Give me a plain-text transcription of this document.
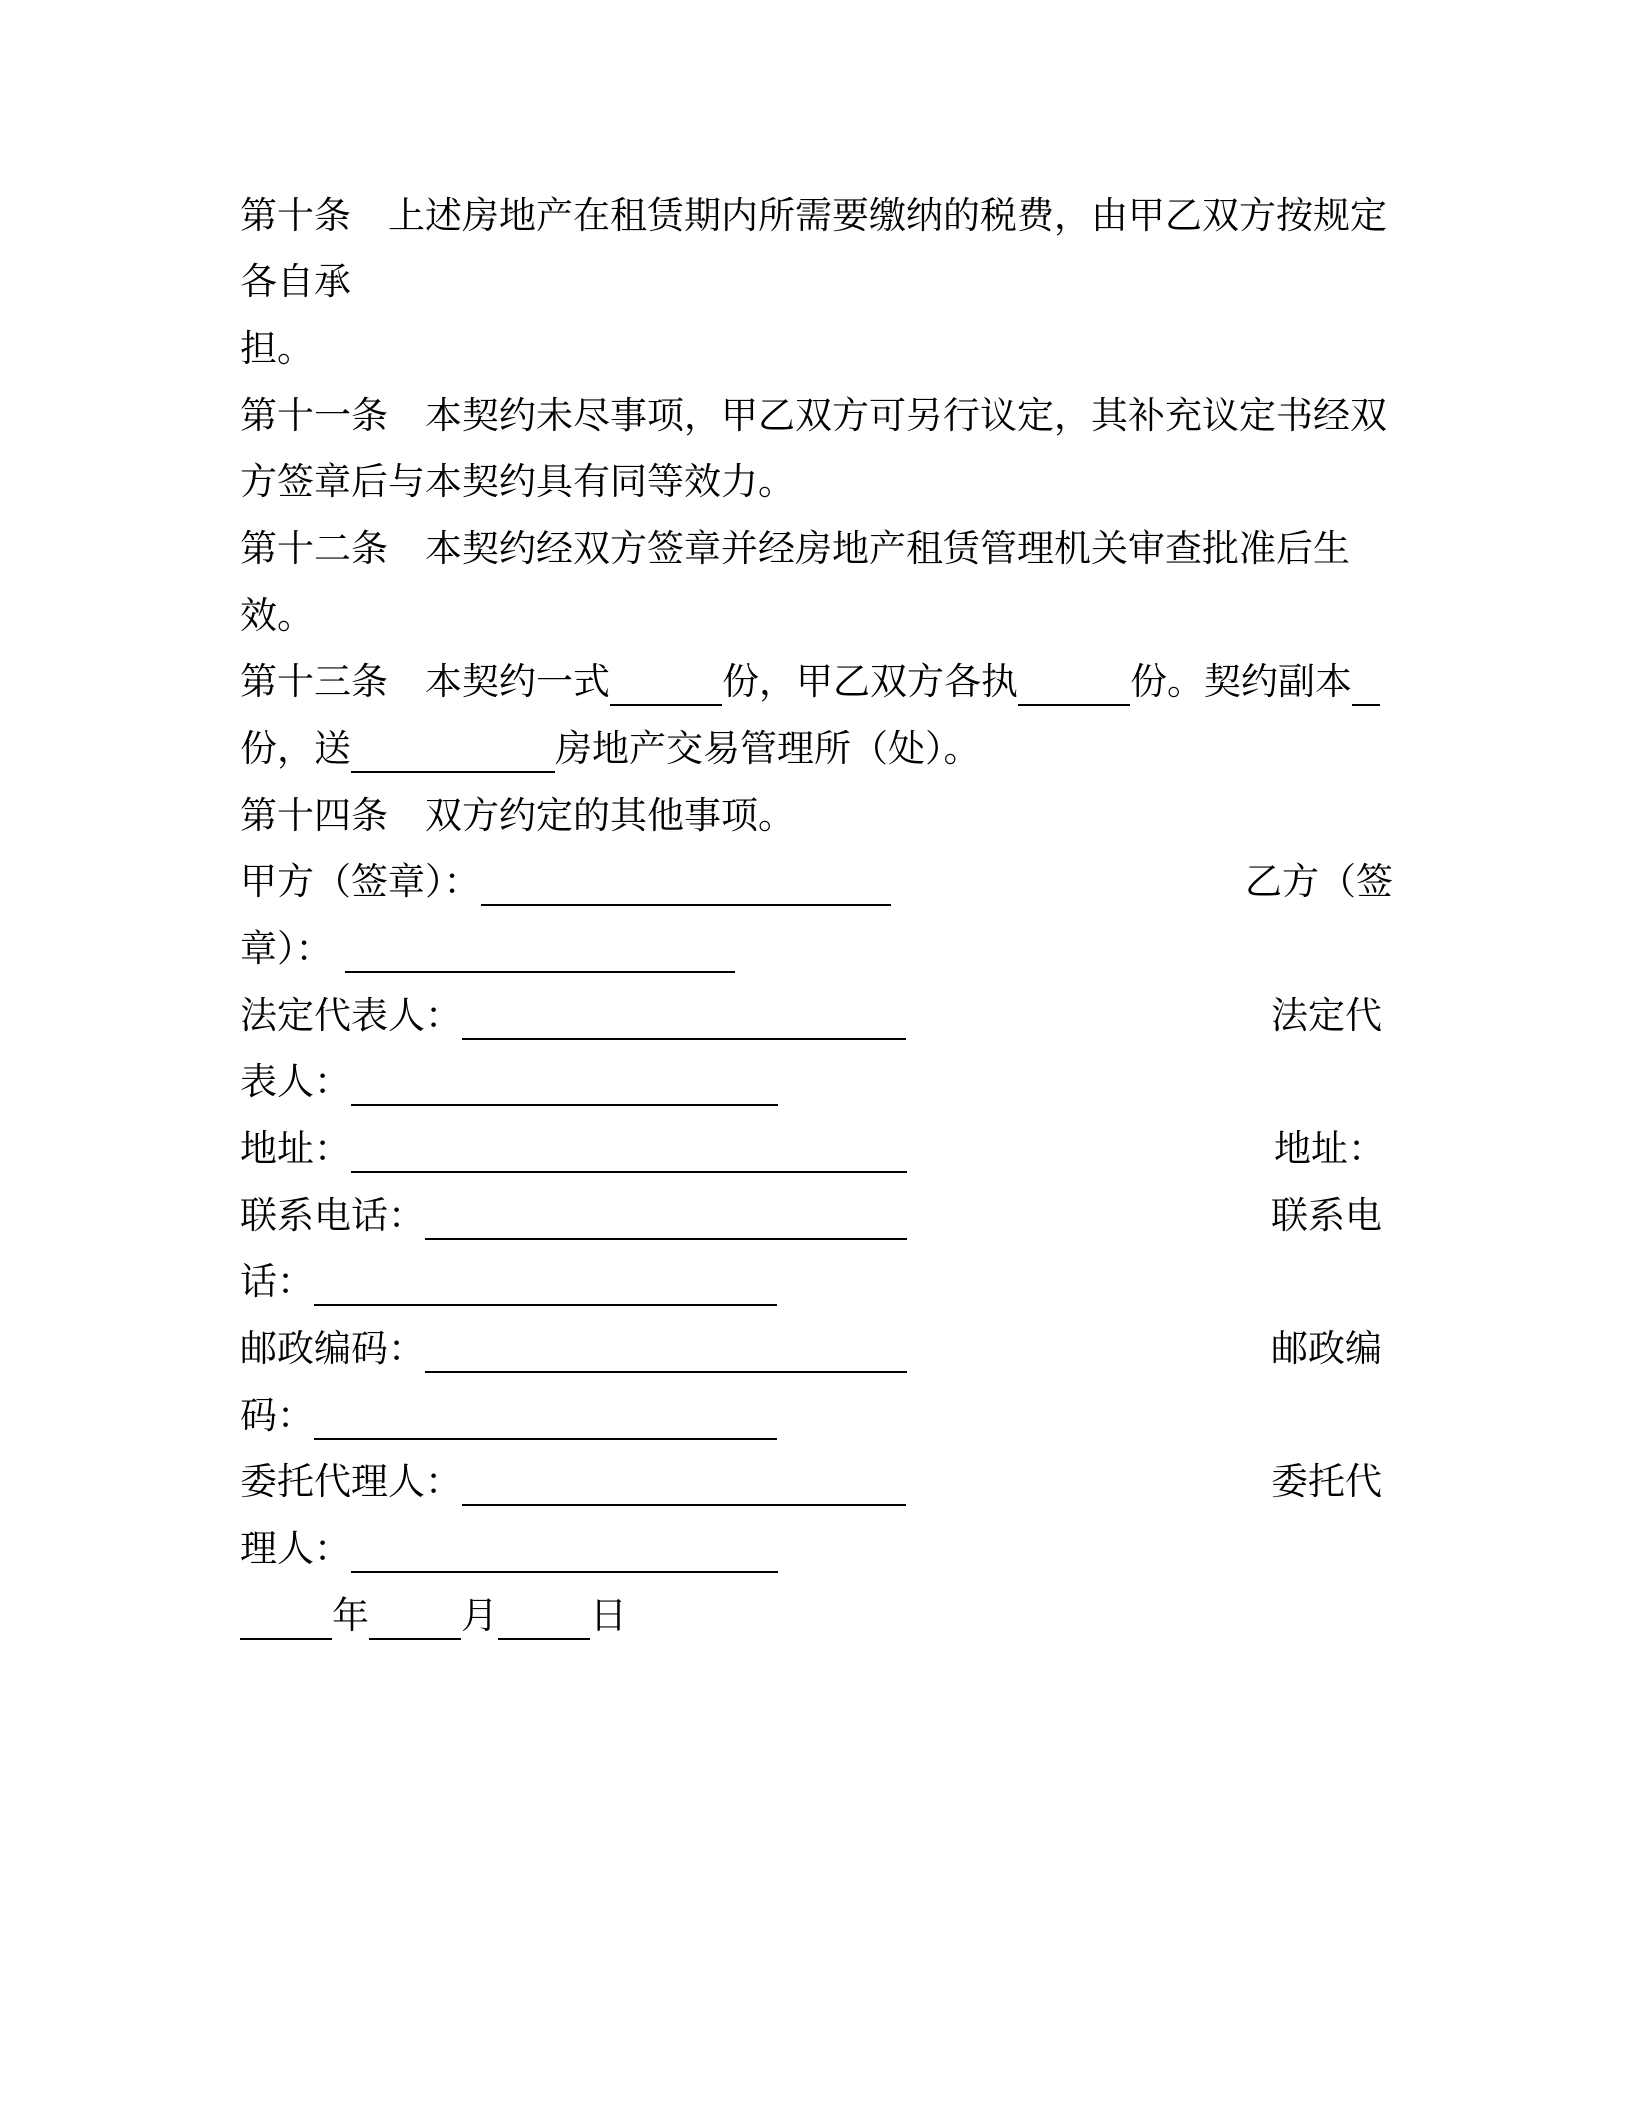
第十条 上述房地产在租赁期内所需要缴纳的税费，由甲乙双方按规定
各自承
担。
第十一条 本契约未尽事项，甲乙双方可另行议定，其补充议定书经双
方签章后与本契约具有同等效力。
第十二条 本契约经双方签章并经房地产租赁管理机关审查批准后生
效。
第十三条 本契约一式	份，甲乙双方各执	份。契约副本
份，送	房地产交易管理所（处）。
第十四条 双方约定的其他事项。
甲方（签章）：	乙方（签
章）：
法定代表人：	法定代
表人：
地址：	地址：
联系电话：	联系电
话：
邮政编码：	邮政编
码：
委托代理人：	委托代
理人：
年 月 日
